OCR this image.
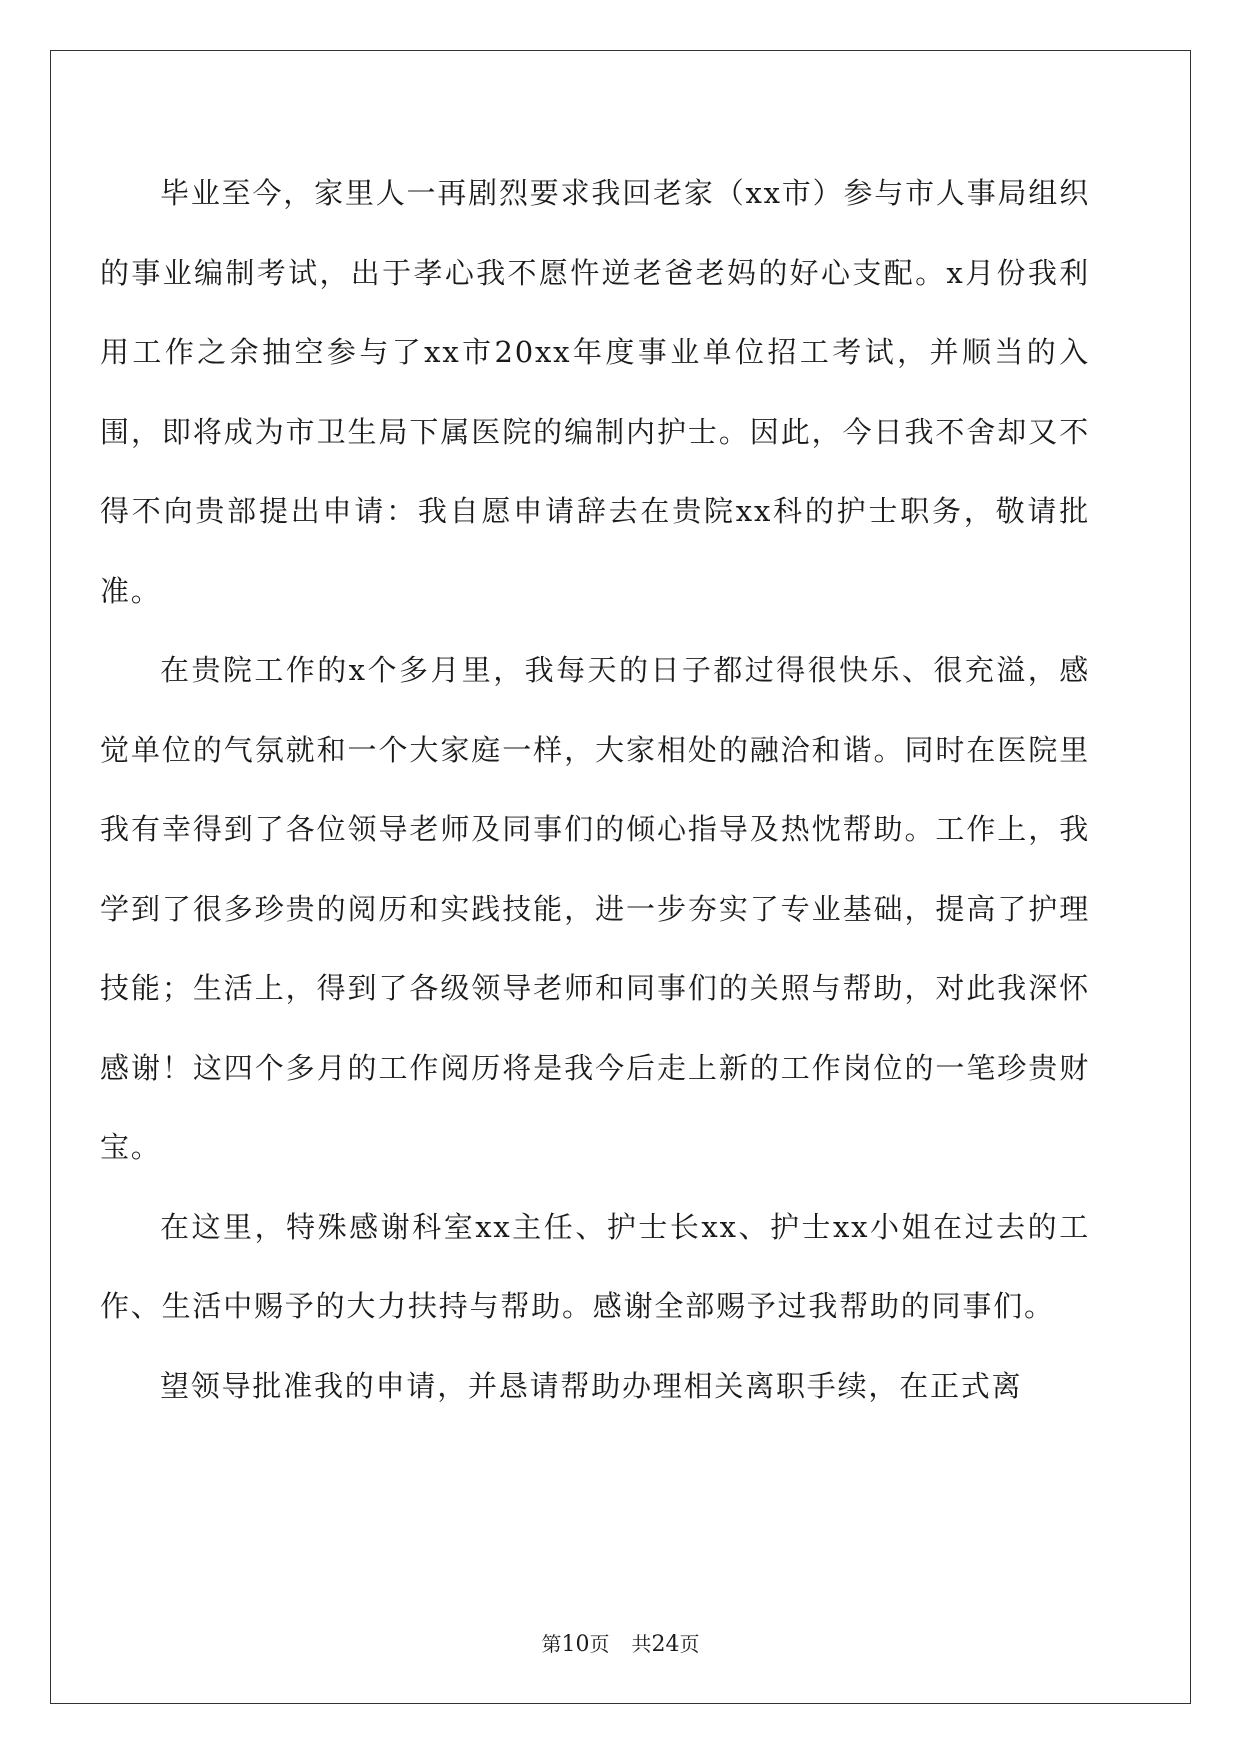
毕业至今，家里人一再剧烈要求我回老家（xx市）参与市人事局组织的事业编制考试，出于孝心我不愿忤逆老爸老妈的好心支配。x月份我利用工作之余抽空参与了xx市20xx年度事业单位招工考试，并顺当的入围，即将成为市卫生局下属医院的编制内护士。因此，今日我不舍却又不得不向贵部提出申请：我自愿申请辞去在贵院xx科的护士职务，敬请批准。

在贵院工作的x个多月里，我每天的日子都过得很快乐、很充溢，感觉单位的气氛就和一个大家庭一样，大家相处的融洽和谐。同时在医院里我有幸得到了各位领导老师及同事们的倾心指导及热忱帮助。工作上，我学到了很多珍贵的阅历和实践技能，进一步夯实了专业基础，提高了护理技能；生活上，得到了各级领导老师和同事们的关照与帮助，对此我深怀感谢！这四个多月的工作阅历将是我今后走上新的工作岗位的一笔珍贵财宝。

在这里，特殊感谢科室xx主任、护士长xx、护士xx小姐在过去的工作、生活中赐予的大力扶持与帮助。感谢全部赐予过我帮助的同事们。

望领导批准我的申请，并恳请帮助办理相关离职手续，在正式离

第10页 共24页
